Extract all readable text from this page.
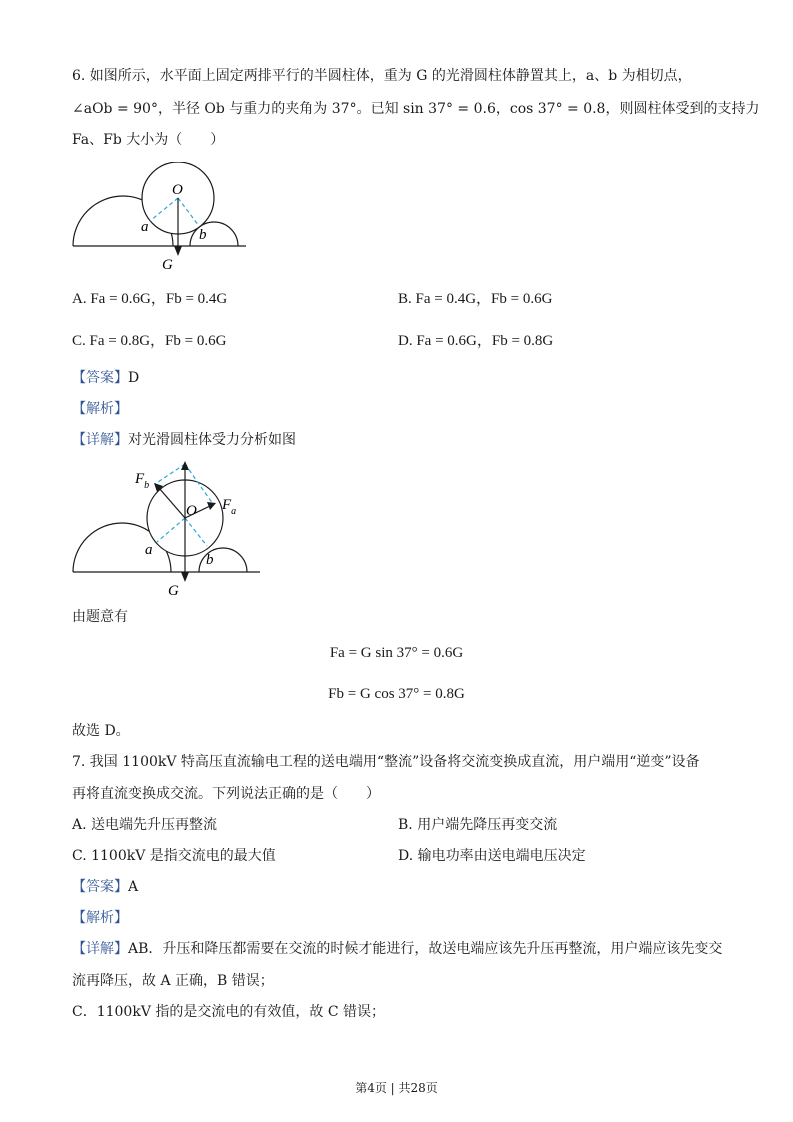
6. 如图所示，水平面上固定两排平行的半圆柱体，重为 G 的光滑圆柱体静置其上，a、b 为相切点，
∠aOb = 90°，半径 Ob 与重力的夹角为 37°。已知 sin 37° = 0.6，cos 37° = 0.8，则圆柱体受到的支持力
Fa、Fb 大小为（　　）
O
a	b
G
A. Fa = 0.6G，Fb = 0.4G	B. Fa = 0.4G，Fb = 0.6G
C. Fa = 0.8G，Fb = 0.6G	D. Fa = 0.6G，Fb = 0.8G
【答案】D
【解析】
【详解】对光滑圆柱体受力分析如图
$F_b$
$F_a$
O
a
b
G
由题意有
Fa = G sin 37° = 0.6G
Fb = G cos 37° = 0.8G
故选 D。
7. 我国 1100kV 特高压直流输电工程的送电端用“整流”设备将交流变换成直流，用户端用“逆变”设备
再将直流变换成交流。下列说法正确的是（　　）
A. 送电端先升压再整流	B. 用户端先降压再变交流
C. 1100kV 是指交流电的最大值	D. 输电功率由送电端电压决定
【答案】A
【解析】
【详解】AB．升压和降压都需要在交流的时候才能进行，故送电端应该先升压再整流，用户端应该先变交
流再降压，故 A 正确，B 错误；
C．1100kV 指的是交流电的有效值，故 C 错误；
第4页 | 共28页
